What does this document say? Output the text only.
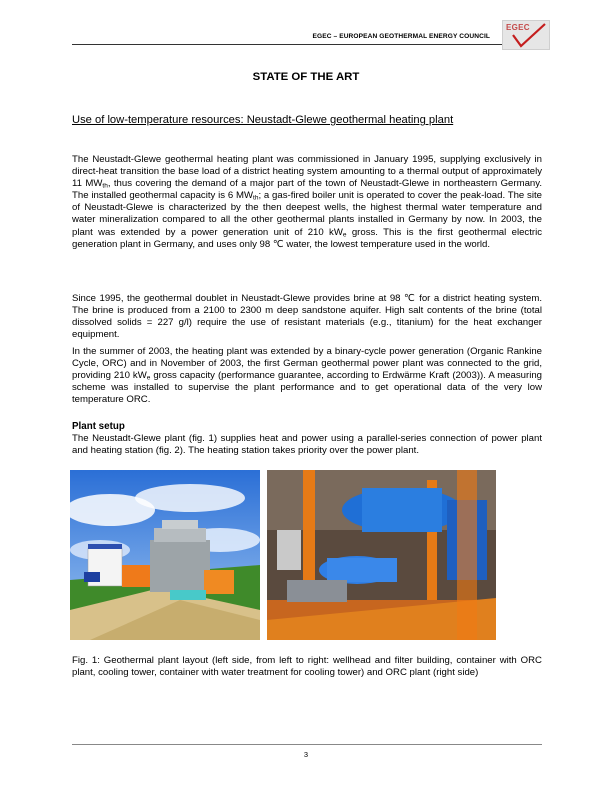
EGEC – EUROPEAN GEOTHERMAL ENERGY COUNCIL
EGEC
STATE OF THE ART
Use of low-temperature resources: Neustadt-Glewe geothermal heating plant
The Neustadt-Glewe geothermal heating plant was commissioned in January 1995, supplying exclusively in direct-heat transition the base load of a district heating system amounting to a thermal output of approximately 11 $MW_{th}$, thus covering the demand of a major part of the town of Neustadt-Glewe in northeastern Germany. The installed geothermal capacity is 6 $MW_{th}$; a gas-fired boiler unit is operated to cover the peak-load. The site of Neustadt-Glewe is characterized by the then deepest wells, the highest thermal water temperature and water mineralization compared to all the other geothermal plants installed in Germany by now. In 2003, the plant was extended by a power generation unit of 210 $kW_e$ gross. This is the first geothermal electric generation plant in Germany, and uses only 98 ℃ water, the lowest temperature used in the world.
Since 1995, the geothermal doublet in Neustadt-Glewe provides brine at 98 ℃ for a district heating system. The brine is produced from a 2100 to 2300 m deep sandstone aquifer. High salt contents of the brine (total dissolved solids = 227 g/l) require the use of resistant materials (e.g., titanium) for the heat exchanger equipment.
In the summer of 2003, the heating plant was extended by a binary-cycle power generation (Organic Rankine Cycle, ORC) and in November of 2003, the first German geothermal power plant was connected to the grid, providing 210 $kW_e$ gross capacity (performance guarantee, according to Erdwärme Kraft (2003)). A measuring scheme was installed to supervise the plant performance and to get operational data of the very low temperature ORC.
Plant setup
The Neustadt-Glewe plant (fig. 1) supplies heat and power using a parallel-series connection of power plant and heating station (fig. 2). The heating station takes priority over the power plant.
Fig. 1: Geothermal plant layout (left side, from left to right: wellhead and filter building, container with ORC plant, cooling tower, container with water treatment for cooling tower) and ORC plant (right side)
3
